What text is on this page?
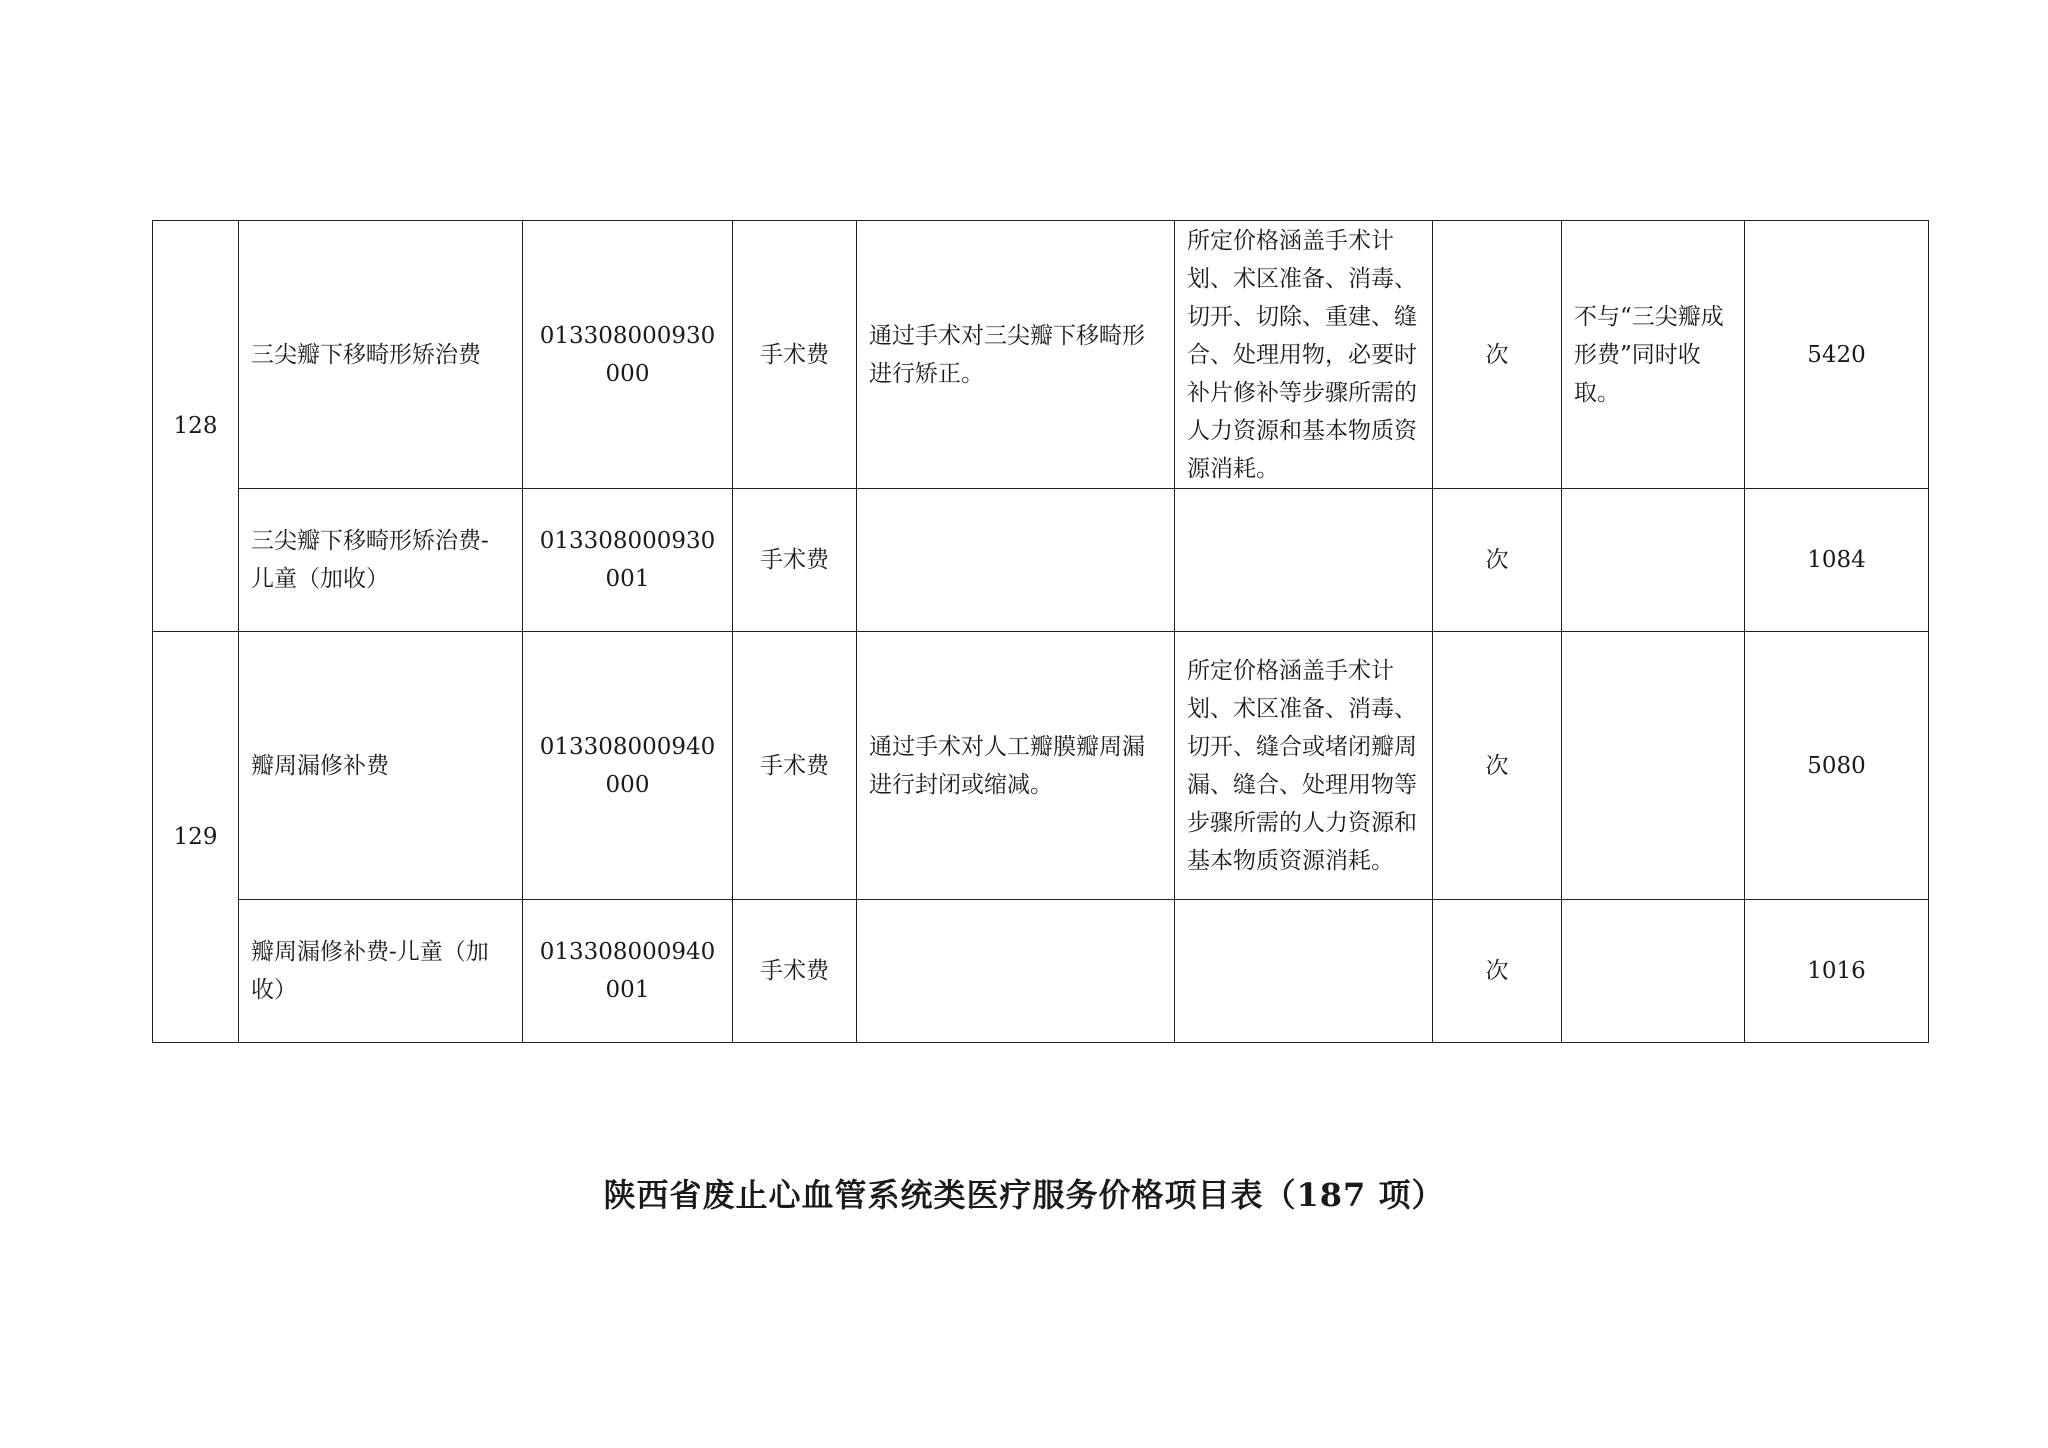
128	三尖瓣下移畸形矫治费	013308000930000	手术费	通过手术对三尖瓣下移畸形进行矫正。	所定价格涵盖手术计划、术区准备、消毒、切开、切除、重建、缝合、处理用物，必要时补片修补等步骤所需的人力资源和基本物质资源消耗。	次	不与“三尖瓣成形费”同时收取。	5420
	三尖瓣下移畸形矫治费-儿童（加收）	013308000930001	手术费			次		1084
129	瓣周漏修补费	013308000940000	手术费	通过手术对人工瓣膜瓣周漏进行封闭或缩减。	所定价格涵盖手术计划、术区准备、消毒、切开、缝合或堵闭瓣周漏、缝合、处理用物等步骤所需的人力资源和基本物质资源消耗。	次		5080
	瓣周漏修补费-儿童（加收）	013308000940001	手术费			次		1016
陕西省废止心血管系统类医疗服务价格项目表（187 项）
